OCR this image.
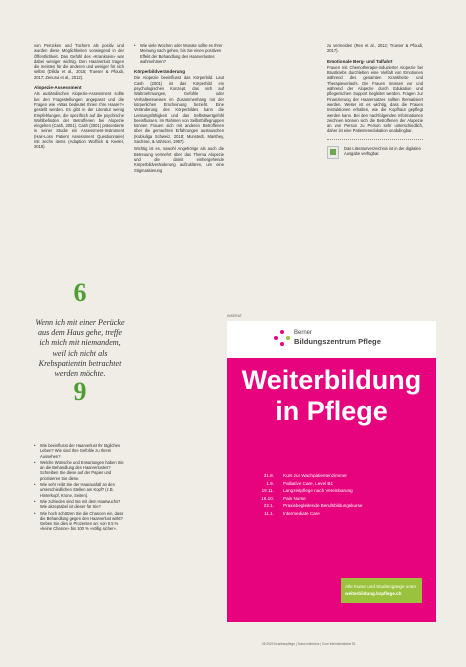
von Perücken und Tüchern als positiv und wurden diese Möglichkeiten vorwiegend in der Öffentlichkeit. Das Gefühl des «Kranksein» war dabei weniger wichtig. Den Haarverlust tragen die meisten für die anderen und weniger für sich selbst (Dilida et al., 2015; Trueser & Pfoudi, 2017; Zenurui et al., 2012).
Alopezie-Assessment
Als ausländisches Alopezie-Assessment sollte bei den Fragestellungen angepasst und die Fragen wie «Was bedeutet Ihnen Ihre Haare?» gestellt werden. Es gibt in der Literatur wenig Empfehlungen, die spezifisch auf die psychische Wohlbefinden der Betroffenen bei Alopezie eingehen (Cash, 2001). Cash (2001) präsentierte in seiner Studie ein Assessment-Instrument (Hair-Loss Patient Assessment Questionnaire) mit sechs items (Adaption Wolfrick & Keeler, 2018).
6
Wenn ich mit einer Perücke aus dem Haus gehe, treffe ich mich mit niemandem, weil ich nicht als Krebspatientin betrachtet werden möchte.
9
• Wie beeinflusst der Haarverlust Ihr tägliches Leben? Wie sind Ihre Gefühle zu Ihrem Aussehen?
• Welche Wünsche und Erwartungen haben Sie an die Behandlung des Haarverlustes? Schreiben Sie diese auf der Papier und priorisieren Sie diese.
• Wie sehr reibt Sie der Haarausfall an den unterschiedlichen Stellen am Kopf? (z.B. Hinterkopf, Krone, Seiten).
• Wie zufrieden sind Sie mit dem Haarwuchs? Wie akzeptabel ist dieser für Sie?
• Wie hoch schätzen Sie die Chancen ein, dass die Behandlung gegen den Haarverlust wirkt? Geben Sie dies in Prozenten an: von 0.5 % «keine Chance» bis 100 % «völlig sicher».
• Wie viele Wochen oder Monate sollte es Ihrer Meinung nach gehen, bis Sie einen positiven Effekt der Behandlung des Haarverlustes wahrnehmen?
Körperbildveränderung
Die Alopezie beeinflusst das Körperbild. Laut Cash (2001) ist das Körperbild ein psychologisches Konzept, das sich auf Wahrnehmungen, Gefühle oder Verhaltensweisen im Zusammenhang mit der körperlichen Erscheinung bezieht. Eine Veränderung des Körperbildes kann die Leistungsfähigkeit und das Selbstwertgefühl beeinflussen. Im Rahmen von Selbsthilfegruppen können Frauen sich mit anderen Betroffenen über die gemachten Erfahrungen austauschen (Kubiuliga Schweiz, 2018; Munstedt, Manthey, Sachsse, & Vahrson, 1997).
Wichtig ist es, sowohl Angehörige als auch die Betreuung vermehrt über das Thema Alopezie und die damit einhergehende Körperbildveränderung aufzuklären, um eine Stigmatisierung
zu vermeiden (Ren et al., 2012; Trueser & Pfoudi, 2017).
Emotionale Berg- und Talfahrt
Frauen mit Chemotherapie-induzierter Alopezie bei Brustkrebs durchleben eine Vielfalt von Emotionen während des gesamten Krankheits- und Therapieverlaufs. Die Frauen müssen vor und während der Alopezie durch Edukation und pflegerischen Support begleitet werden. Fragen zur Finanzierung der Haarersatzes sollten thematisiert werden. Weiter ist es wichtig, dass die Frauen Instruktionen erhalten, wie die Kopfhaut gepflegt werden kann. Bei den nachfolgenden Informationen zeichnen können sich die Betroffenen der Alopezie an von Person zu Person sehr unterschiedlich, daher ist eine Patientenedukation unabdingbar.
Das Literaturverzeichnis ist in der digitalen Ausgabe verfügbar.
INSERAT
Berner
Bildungszentrum Pflege
Weiterbildung
in Pflege
31.8.	Kurs zur Wachpatientenzimmer
1.9.	Palliative Care, Level B1
19.11.	Langzeitpflege nach Vereinbarung
18.10.	Pain Nurse
22.1.	Praxisbegleitende Berufsbildungskurse
11.1.	Intermediate Care
Alle Kurse und Studiengänge unter
weiterbildung.bzpflege.ch
06 2020 Krankenpflege | Soins infirmiers | Cure infermieristiche 51
